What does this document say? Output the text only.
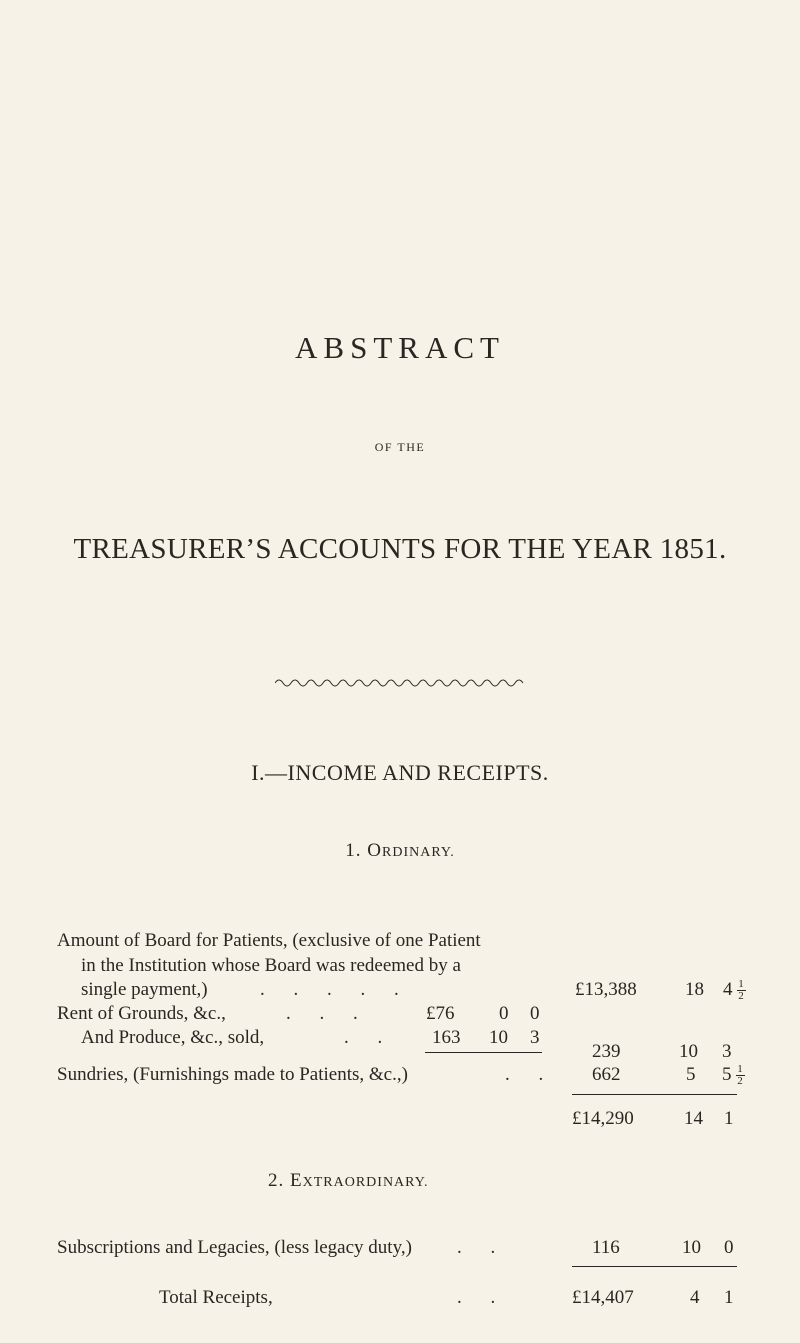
ABSTRACT
OF THE
TREASURER’S ACCOUNTS FOR THE YEAR 1851.
I.—INCOME AND RECEIPTS.
1. ORDINARY.
Amount of Board for Patients, (exclusive of one Patient
in the Institution whose Board was redeemed by a
single payment,)	. . . . .	£13,388	18 $4 \frac{1}{2}$
Rent of Grounds, &c.,	. . .	£76 0 0
And Produce, &c., sold,	. .	163 10 3
239	10 3
Sundries, (Furnishings made to Patients, &c.,)	. .	662	5 $5 \frac{1}{2}$
£14,290	14 1
2. EXTRAORDINARY.
Subscriptions and Legacies, (less legacy duty,) . .	116	10 0
Total Receipts,	. .	£14,407	4 1
